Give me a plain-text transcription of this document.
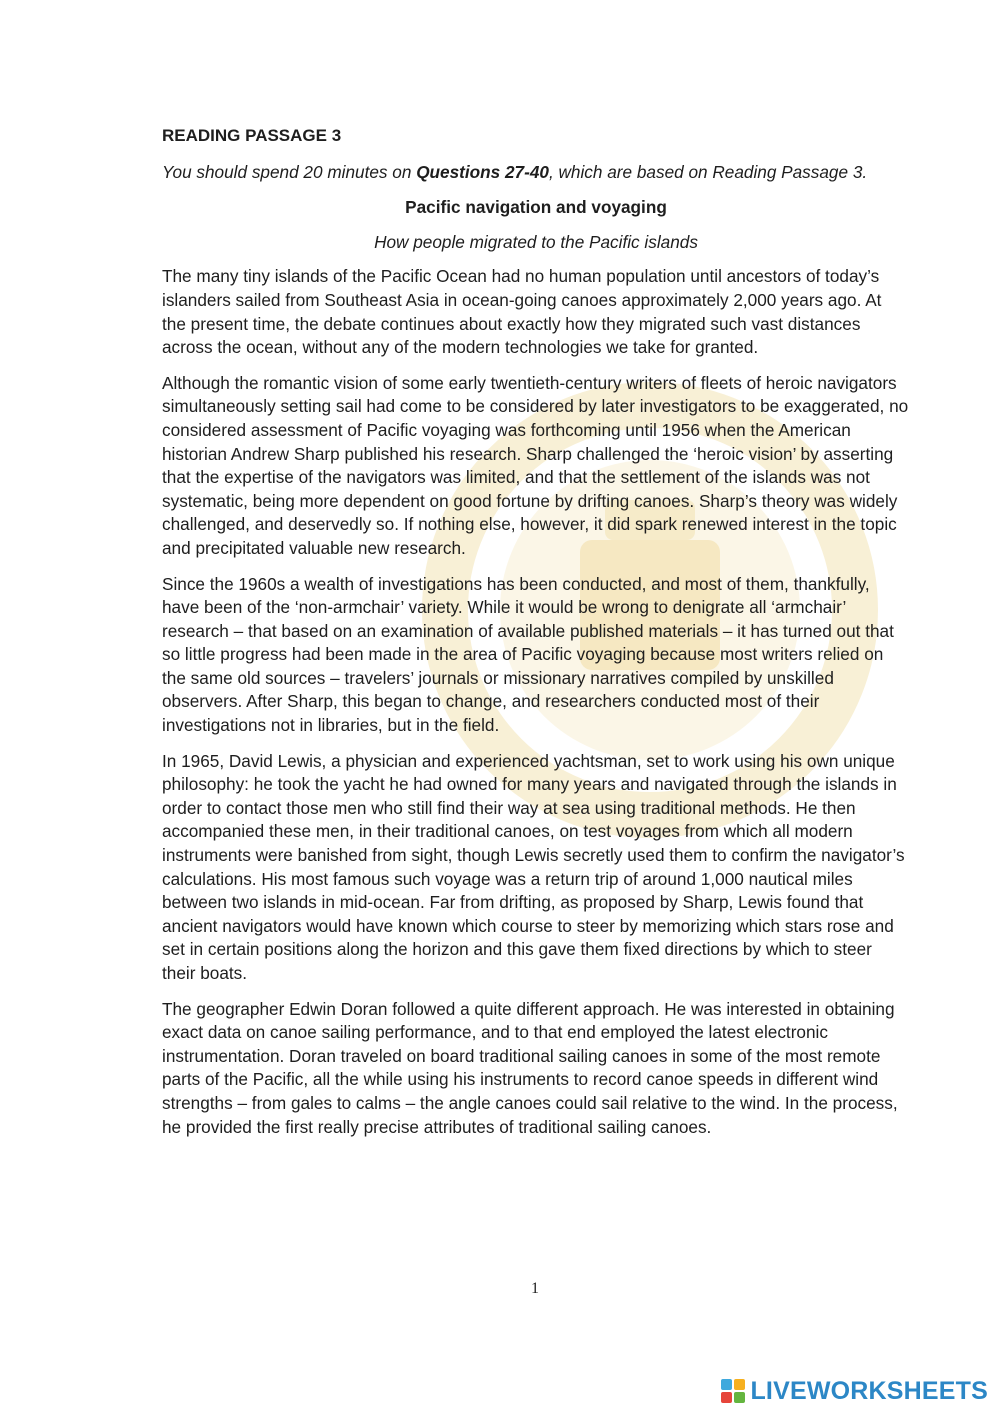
READING PASSAGE 3
You should spend 20 minutes on Questions 27-40, which are based on Reading Passage 3.
Pacific navigation and voyaging
How people migrated to the Pacific islands

The many tiny islands of the Pacific Ocean had no human population until ancestors of today’s islanders sailed from Southeast Asia in ocean-going canoes approximately 2,000 years ago. At the present time, the debate continues about exactly how they migrated such vast distances across the ocean, without any of the modern technologies we take for granted.

Although the romantic vision of some early twentieth-century writers of fleets of heroic navigators simultaneously setting sail had come to be considered by later investigators to be exaggerated, no considered assessment of Pacific voyaging was forthcoming until 1956 when the American historian Andrew Sharp published his research. Sharp challenged the ‘heroic vision’ by asserting that the expertise of the navigators was limited, and that the settlement of the islands was not systematic, being more dependent on good fortune by drifting canoes. Sharp’s theory was widely challenged, and deservedly so. If nothing else, however, it did spark renewed interest in the topic and precipitated valuable new research.

Since the 1960s a wealth of investigations has been conducted, and most of them, thankfully, have been of the ‘non-armchair’ variety. While it would be wrong to denigrate all ‘armchair’ research – that based on an examination of available published materials – it has turned out that so little progress had been made in the area of Pacific voyaging because most writers relied on the same old sources – travelers’ journals or missionary narratives compiled by unskilled observers. After Sharp, this began to change, and researchers conducted most of their investigations not in libraries, but in the field.

In 1965, David Lewis, a physician and experienced yachtsman, set to work using his own unique philosophy: he took the yacht he had owned for many years and navigated through the islands in order to contact those men who still find their way at sea using traditional methods. He then accompanied these men, in their traditional canoes, on test voyages from which all modern instruments were banished from sight, though Lewis secretly used them to confirm the navigator’s calculations. His most famous such voyage was a return trip of around 1,000 nautical miles between two islands in mid-ocean. Far from drifting, as proposed by Sharp, Lewis found that ancient navigators would have known which course to steer by memorizing which stars rose and set in certain positions along the horizon and this gave them fixed directions by which to steer their boats.

The geographer Edwin Doran followed a quite different approach. He was interested in obtaining exact data on canoe sailing performance, and to that end employed the latest electronic instrumentation. Doran traveled on board traditional sailing canoes in some of the most remote parts of the Pacific, all the while using his instruments to record canoe speeds in different wind strengths – from gales to calms – the angle canoes could sail relative to the wind. In the process, he provided the first really precise attributes of traditional sailing canoes.

1
LIVEWORKSHEETS
